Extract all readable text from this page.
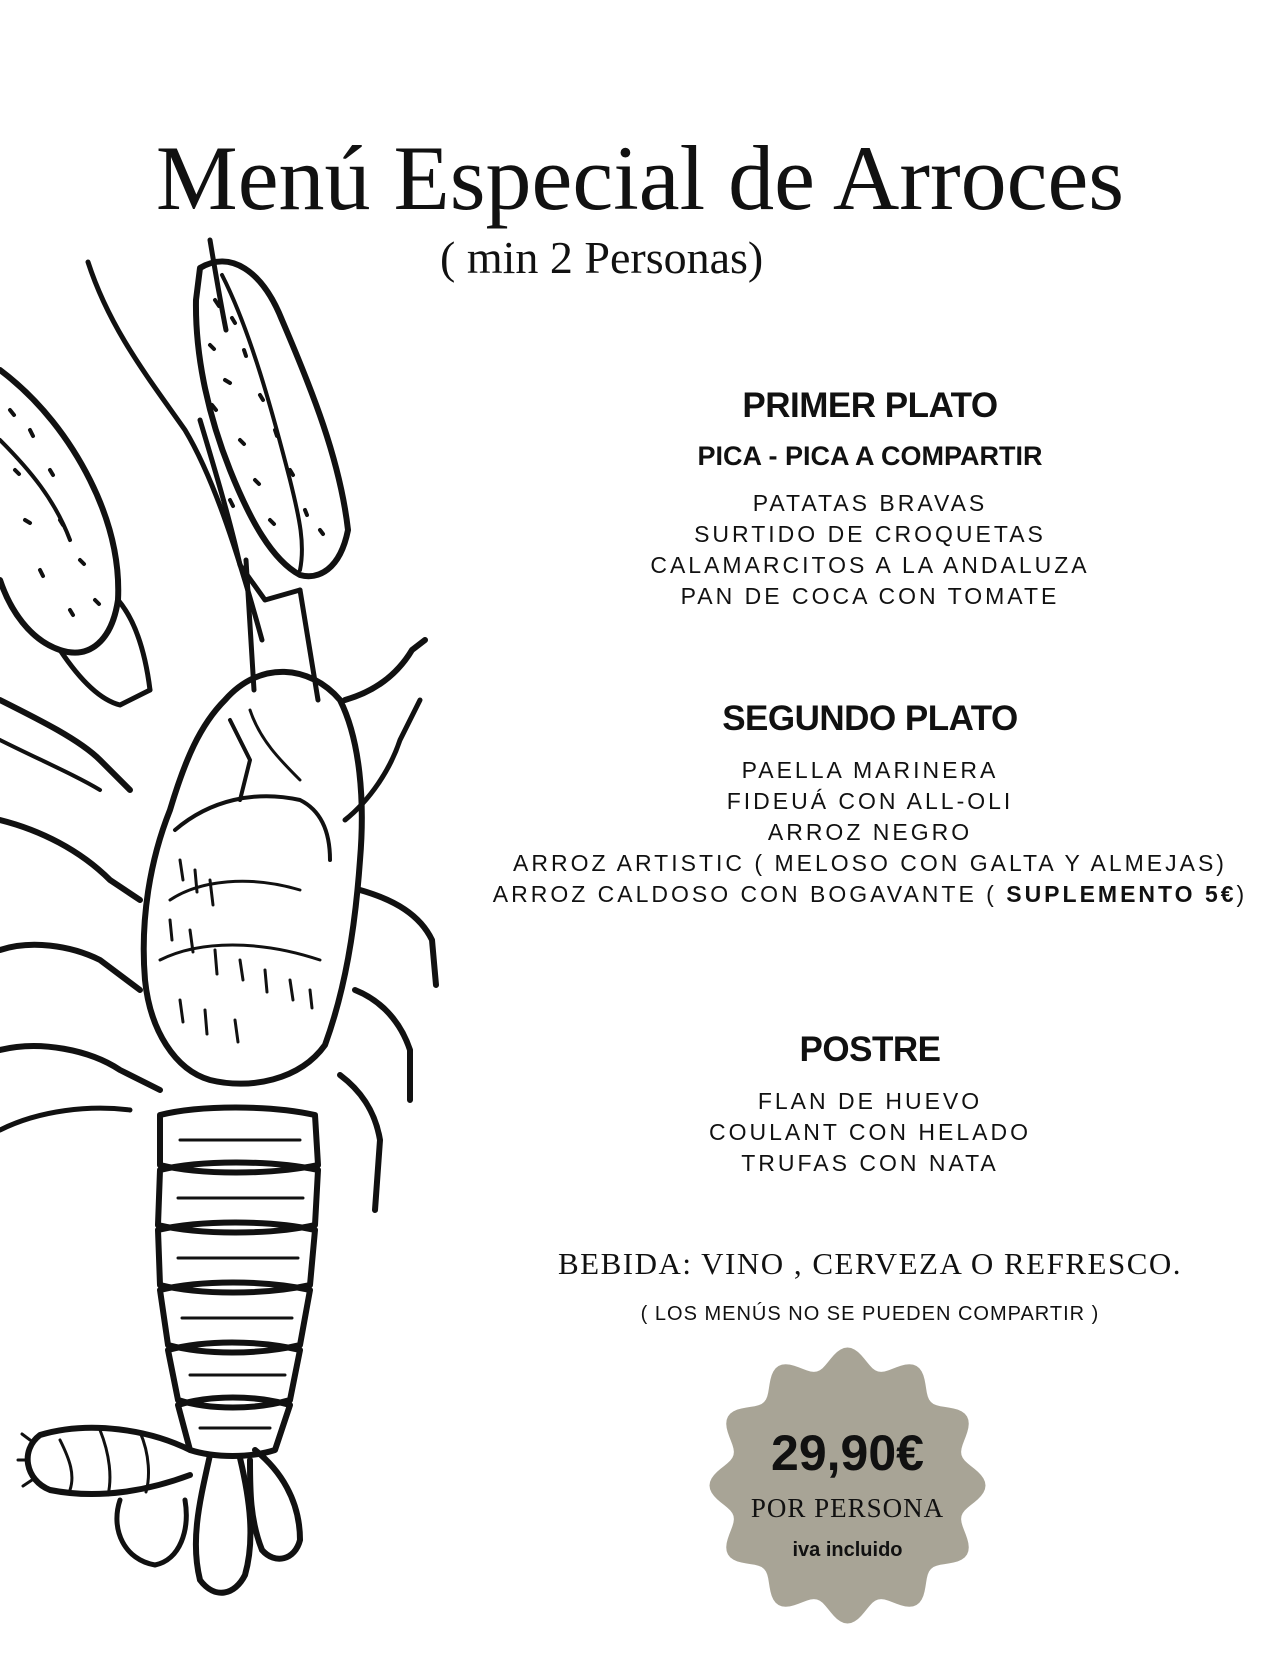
Menú Especial de Arroces
( min 2 Personas)
PRIMER PLATO
PICA - PICA A COMPARTIR
PATATAS BRAVAS
SURTIDO DE CROQUETAS
CALAMARCITOS A LA ANDALUZA
PAN DE COCA CON TOMATE
SEGUNDO PLATO
PAELLA MARINERA
FIDEUÁ CON ALL-OLI
ARROZ NEGRO
ARROZ ARTISTIC ( MELOSO CON GALTA Y ALMEJAS)
ARROZ CALDOSO CON BOGAVANTE ( SUPLEMENTO 5€)
POSTRE
FLAN DE HUEVO
COULANT CON HELADO
TRUFAS CON NATA
BEBIDA: VINO , CERVEZA O REFRESCO.
( LOS MENÚS NO SE PUEDEN COMPARTIR )
29,90€
POR PERSONA
iva incluido
